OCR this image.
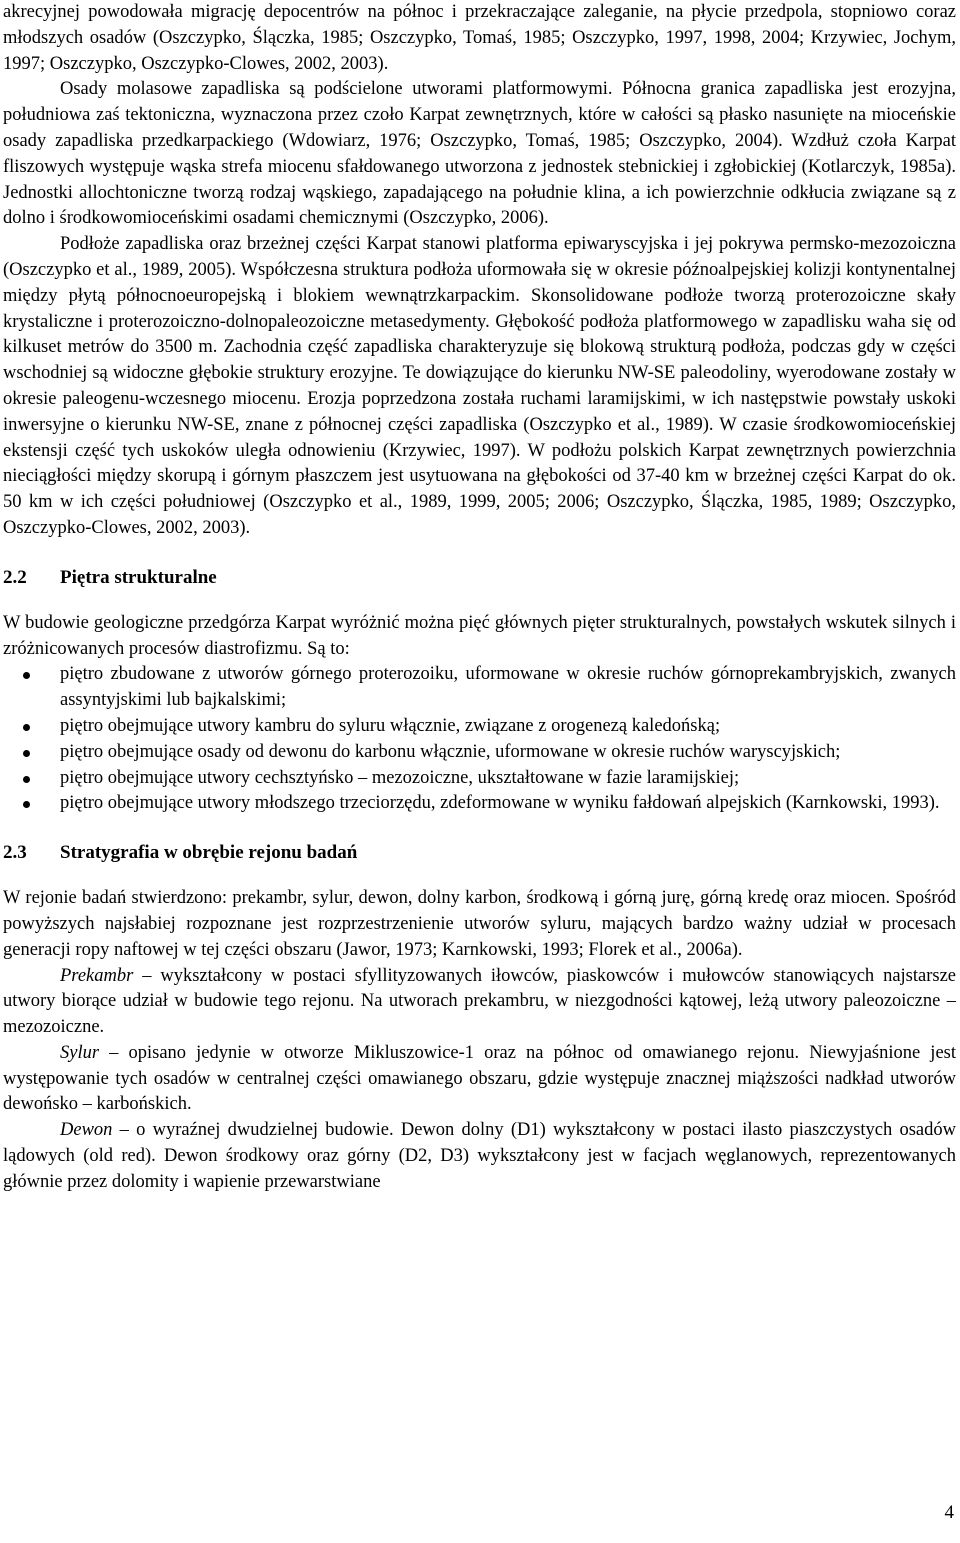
akrecyjnej powodowała migrację depocentrów na północ i przekraczające zaleganie, na płycie przedpola, stopniowo coraz młodszych osadów (Oszczypko, Ślączka, 1985; Oszczypko, Tomaś, 1985; Oszczypko, 1997, 1998, 2004; Krzywiec, Jochym, 1997; Oszczypko, Oszczypko-Clowes, 2002, 2003).

Osady molasowe zapadliska są podścielone utworami platformowymi. Północna granica zapadliska jest erozyjna, południowa zaś tektoniczna, wyznaczona przez czoło Karpat zewnętrznych, które w całości są płasko nasunięte na mioceńskie osady zapadliska przedkarpackiego (Wdowiarz, 1976; Oszczypko, Tomaś, 1985; Oszczypko, 2004). Wzdłuż czoła Karpat fliszowych występuje wąska strefa miocenu sfałdowanego utworzona z jednostek stebnickiej i zgłobickiej (Kotlarczyk, 1985a). Jednostki allochtoniczne tworzą rodzaj wąskiego, zapadającego na południe klina, a ich powierzchnie odkłucia związane są z dolno i środkowomioceńskimi osadami chemicznymi (Oszczypko, 2006).

Podłoże zapadliska oraz brzeżnej części Karpat stanowi platforma epiwaryscyjska i jej pokrywa permsko-mezozoiczna (Oszczypko et al., 1989, 2005). Współczesna struktura podłoża uformowała się w okresie późnoalpejskiej kolizji kontynentalnej między płytą północnoeuropejską i blokiem wewnątrzkarpackim. Skonsolidowane podłoże tworzą proterozoiczne skały krystaliczne i proterozoiczno-dolnopaleozoiczne metasedymenty. Głębokość podłoża platformowego w zapadlisku waha się od kilkuset metrów do 3500 m. Zachodnia część zapadliska charakteryzuje się blokową strukturą podłoża, podczas gdy w części wschodniej są widoczne głębokie struktury erozyjne. Te dowiązujące do kierunku NW-SE paleodoliny, wyerodowane zostały w okresie paleogenu-wczesnego miocenu. Erozja poprzedzona została ruchami laramijskimi, w ich następstwie powstały uskoki inwersyjne o kierunku NW-SE, znane z północnej części zapadliska (Oszczypko et al., 1989). W czasie środkowomioceńskiej ekstensji część tych uskoków uległa odnowieniu (Krzywiec, 1997). W podłożu polskich Karpat zewnętrznych powierzchnia nieciągłości między skorupą i górnym płaszczem jest usytuowana na głębokości od 37-40 km w brzeżnej części Karpat do ok. 50 km w ich części południowej (Oszczypko et al., 1989, 1999, 2005; 2006; Oszczypko, Ślączka, 1985, 1989; Oszczypko, Oszczypko-Clowes, 2002, 2003).

2.2	Piętra strukturalne

W budowie geologiczne przedgórza Karpat wyróżnić można pięć głównych pięter strukturalnych, powstałych wskutek silnych i zróżnicowanych procesów diastrofizmu. Są to:

piętro zbudowane z utworów górnego proterozoiku, uformowane w okresie ruchów górnoprekambryjskich, zwanych assyntyjskimi lub bajkalskimi;
piętro obejmujące utwory kambru do syluru włącznie, związane z orogenezą kaledońską;
piętro obejmujące osady od dewonu do karbonu włącznie, uformowane w okresie ruchów waryscyjskich;
piętro obejmujące utwory cechsztyńsko – mezozoiczne, ukształtowane w fazie laramijskiej;
piętro obejmujące utwory młodszego trzeciorzędu, zdeformowane w wyniku fałdowań alpejskich (Karnkowski, 1993).
2.3	Stratygrafia w obrębie rejonu badań

W rejonie badań stwierdzono: prekambr, sylur, dewon, dolny karbon, środkową i górną jurę, górną kredę oraz miocen. Spośród powyższych najsłabiej rozpoznane jest rozprzestrzenienie utworów syluru, mających bardzo ważny udział w procesach generacji ropy naftowej w tej części obszaru (Jawor, 1973; Karnkowski, 1993; Florek et al., 2006a).

Prekambr – wykształcony w postaci sfyllityzowanych iłowców, piaskowców i mułowców stanowiących najstarsze utwory biorące udział w budowie tego rejonu. Na utworach prekambru, w niezgodności kątowej, leżą utwory paleozoiczne – mezozoiczne.

Sylur – opisano jedynie w otworze Mikluszowice-1 oraz na północ od omawianego rejonu. Niewyjaśnione jest występowanie tych osadów w centralnej części omawianego obszaru, gdzie występuje znacznej miąższości nadkład utworów dewońsko – karbońskich.

Dewon – o wyraźnej dwudzielnej budowie. Dewon dolny (D1) wykształcony w postaci ilasto piaszczystych osadów lądowych (old red). Dewon środkowy oraz górny (D2, D3) wykształcony jest w facjach węglanowych, reprezentowanych głównie przez dolomity i wapienie przewarstwiane

4
